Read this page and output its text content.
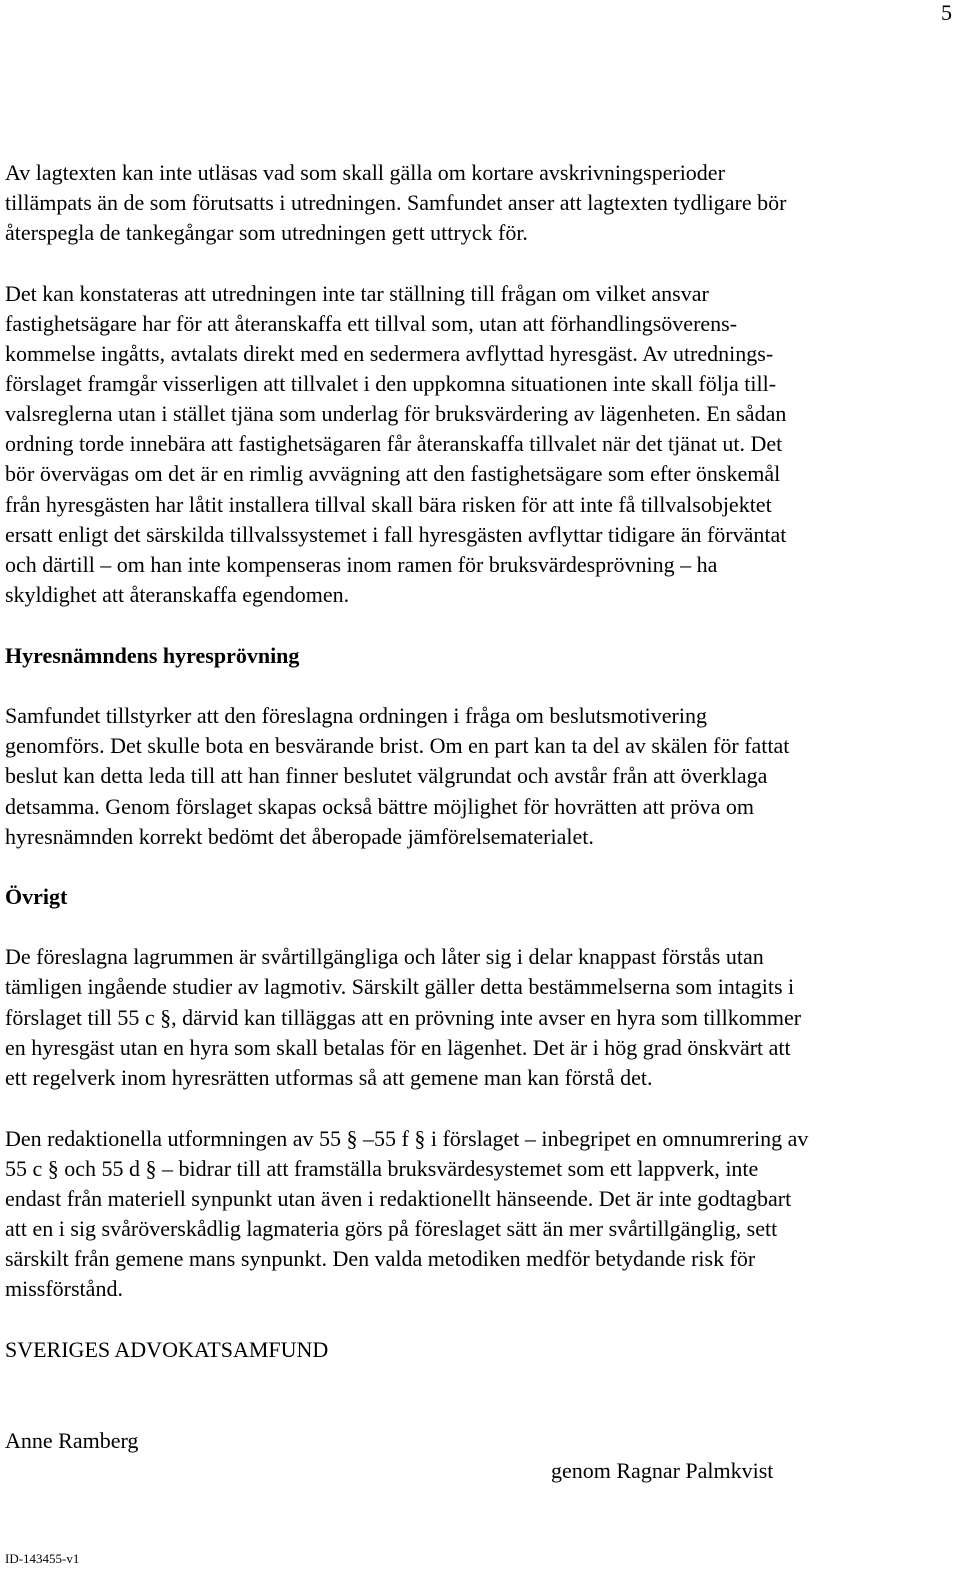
5
Av lagtexten kan inte utläsas vad som skall gälla om kortare avskrivningsperioder
tillämpats än de som förutsatts i utredningen. Samfundet anser att lagtexten tydligare bör
återspegla de tankegångar som utredningen gett uttryck för.
Det kan konstateras att utredningen inte tar ställning till frågan om vilket ansvar
fastighetsägare har för att återanskaffa ett tillval som, utan att förhandlingsöverens-
kommelse ingåtts, avtalats direkt med en sedermera avflyttad hyresgäst. Av utrednings-
förslaget framgår visserligen att tillvalet i den uppkomna situationen inte skall följa till-
valsreglerna utan i stället tjäna som underlag för bruksvärdering av lägenheten. En sådan
ordning torde innebära att fastighetsägaren får återanskaffa tillvalet när det tjänat ut. Det
bör övervägas om det är en rimlig avvägning att den fastighetsägare som efter önskemål
från hyresgästen har låtit installera tillval skall bära risken för att inte få tillvalsobjektet
ersatt enligt det särskilda tillvalssystemet i fall hyresgästen avflyttar tidigare än förväntat
och därtill – om han inte kompenseras inom ramen för bruksvärdesprövning – ha
skyldighet att återanskaffa egendomen.
Hyresnämndens hyresprövning
Samfundet tillstyrker att den föreslagna ordningen i fråga om beslutsmotivering
genomförs. Det skulle bota en besvärande brist. Om en part kan ta del av skälen för fattat
beslut kan detta leda till att han finner beslutet välgrundat och avstår från att överklaga
detsamma. Genom förslaget skapas också bättre möjlighet för hovrätten att pröva om
hyresnämnden korrekt bedömt det åberopade jämförelsematerialet.
Övrigt
De föreslagna lagrummen är svårtillgängliga och låter sig i delar knappast förstås utan
tämligen ingående studier av lagmotiv. Särskilt gäller detta bestämmelserna som intagits i
förslaget till 55 c §, därvid kan tilläggas att en prövning inte avser en hyra som tillkommer
en hyresgäst utan en hyra som skall betalas för en lägenhet. Det är i hög grad önskvärt att
ett regelverk inom hyresrätten utformas så att gemene man kan förstå det.
Den redaktionella utformningen av 55 § –55 f § i förslaget – inbegripet en omnumrering av
55 c § och 55 d § – bidrar till att framställa bruksvärdesystemet som ett lappverk, inte
endast från materiell synpunkt utan även i redaktionellt hänseende. Det är inte godtagbart
att en i sig svåröverskådlig lagmateria görs på föreslaget sätt än mer svårtillgänglig, sett
särskilt från gemene mans synpunkt. Den valda metodiken medför betydande risk för
missförstånd.
SVERIGES ADVOKATSAMFUND
Anne Ramberg
genom Ragnar Palmkvist
ID-143455-v1
